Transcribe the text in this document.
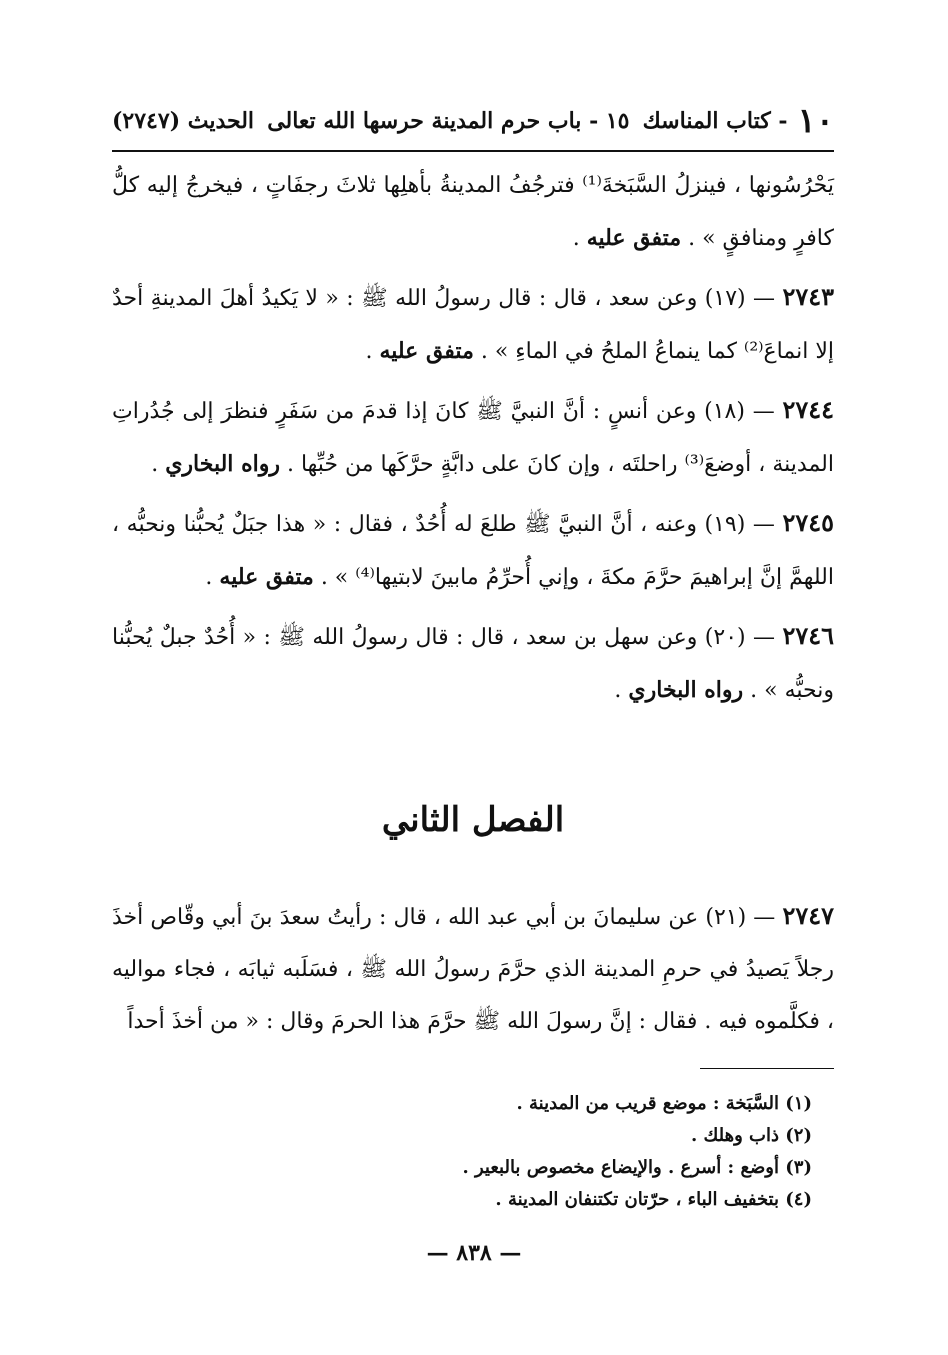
١٠
- كتاب المناسك
١٥ - باب حرم المدينة حرسها الله تعالى
الحديث (٢٧٤٧)

يَحْرُسُونها ، فينزلُ السَّبَخةَ⁽¹⁾ فترجُفُ المدينةُ بأهلِها ثلاثَ رجفَاتٍ ، فيخرجُ إليه كلُّ كافرٍ ومنافقٍ » . متفق عليه .

٢٧٤٣ — (١٧) وعن سعد ، قال : قال رسولُ الله ﷺ : « لا يَكيدُ أهلَ المدينةِ أحدٌ إلا انماعَ⁽²⁾ كما ينماعُ الملحُ في الماءِ » . متفق عليه .

٢٧٤٤ — (١٨) وعن أنسٍ : أنَّ النبيَّ ﷺ كانَ إذا قدمَ من سَفَرٍ فنظرَ إلى جُدُراتِ المدينة ، أوضعَ⁽³⁾ راحلتَه ، وإن كانَ على دابَّةٍ حرَّكَها من حُبِّها . رواه البخاري .

٢٧٤٥ — (١٩) وعنه ، أنَّ النبيَّ ﷺ طلعَ له أُحُدٌ ، فقال : « هذا جبَلٌ يُحبُّنا ونحبُّه ، اللهمَّ إنَّ إبراهيمَ حرَّمَ مكةَ ، وإني أُحرِّمُ مابينَ لابتيها⁽⁴⁾ » . متفق عليه .

٢٧٤٦ — (٢٠) وعن سهل بن سعد ، قال : قال رسولُ الله ﷺ : « أُحُدٌ جبلٌ يُحبُّنا ونحبُّه » . رواه البخاري .

الفصل الثاني

٢٧٤٧ — (٢١) عن سليمانَ بن أبي عبد الله ، قال : رأيتُ سعدَ بنَ أبي وقّاص أخذَ رجلاً يَصيدُ في حرمِ المدينة الذي حرَّمَ رسولُ الله ﷺ ، فسَلَبه ثيابَه ، فجاء مواليه ، فكلَّموه فيه . فقال : إنَّ رسولَ الله ﷺ حرَّمَ هذا الحرمَ وقال : « من أخذَ أحداً

(١) السَّبَخة : موضع قريب من المدينة .
(٢) ذاب وهلك .
(٣) أوضع : أسرع . والإيضاع مخصوص بالبعير .
(٤) بتخفيف الباء ، حرّتان تكتنفان المدينة .
— ٨٣٨ —
